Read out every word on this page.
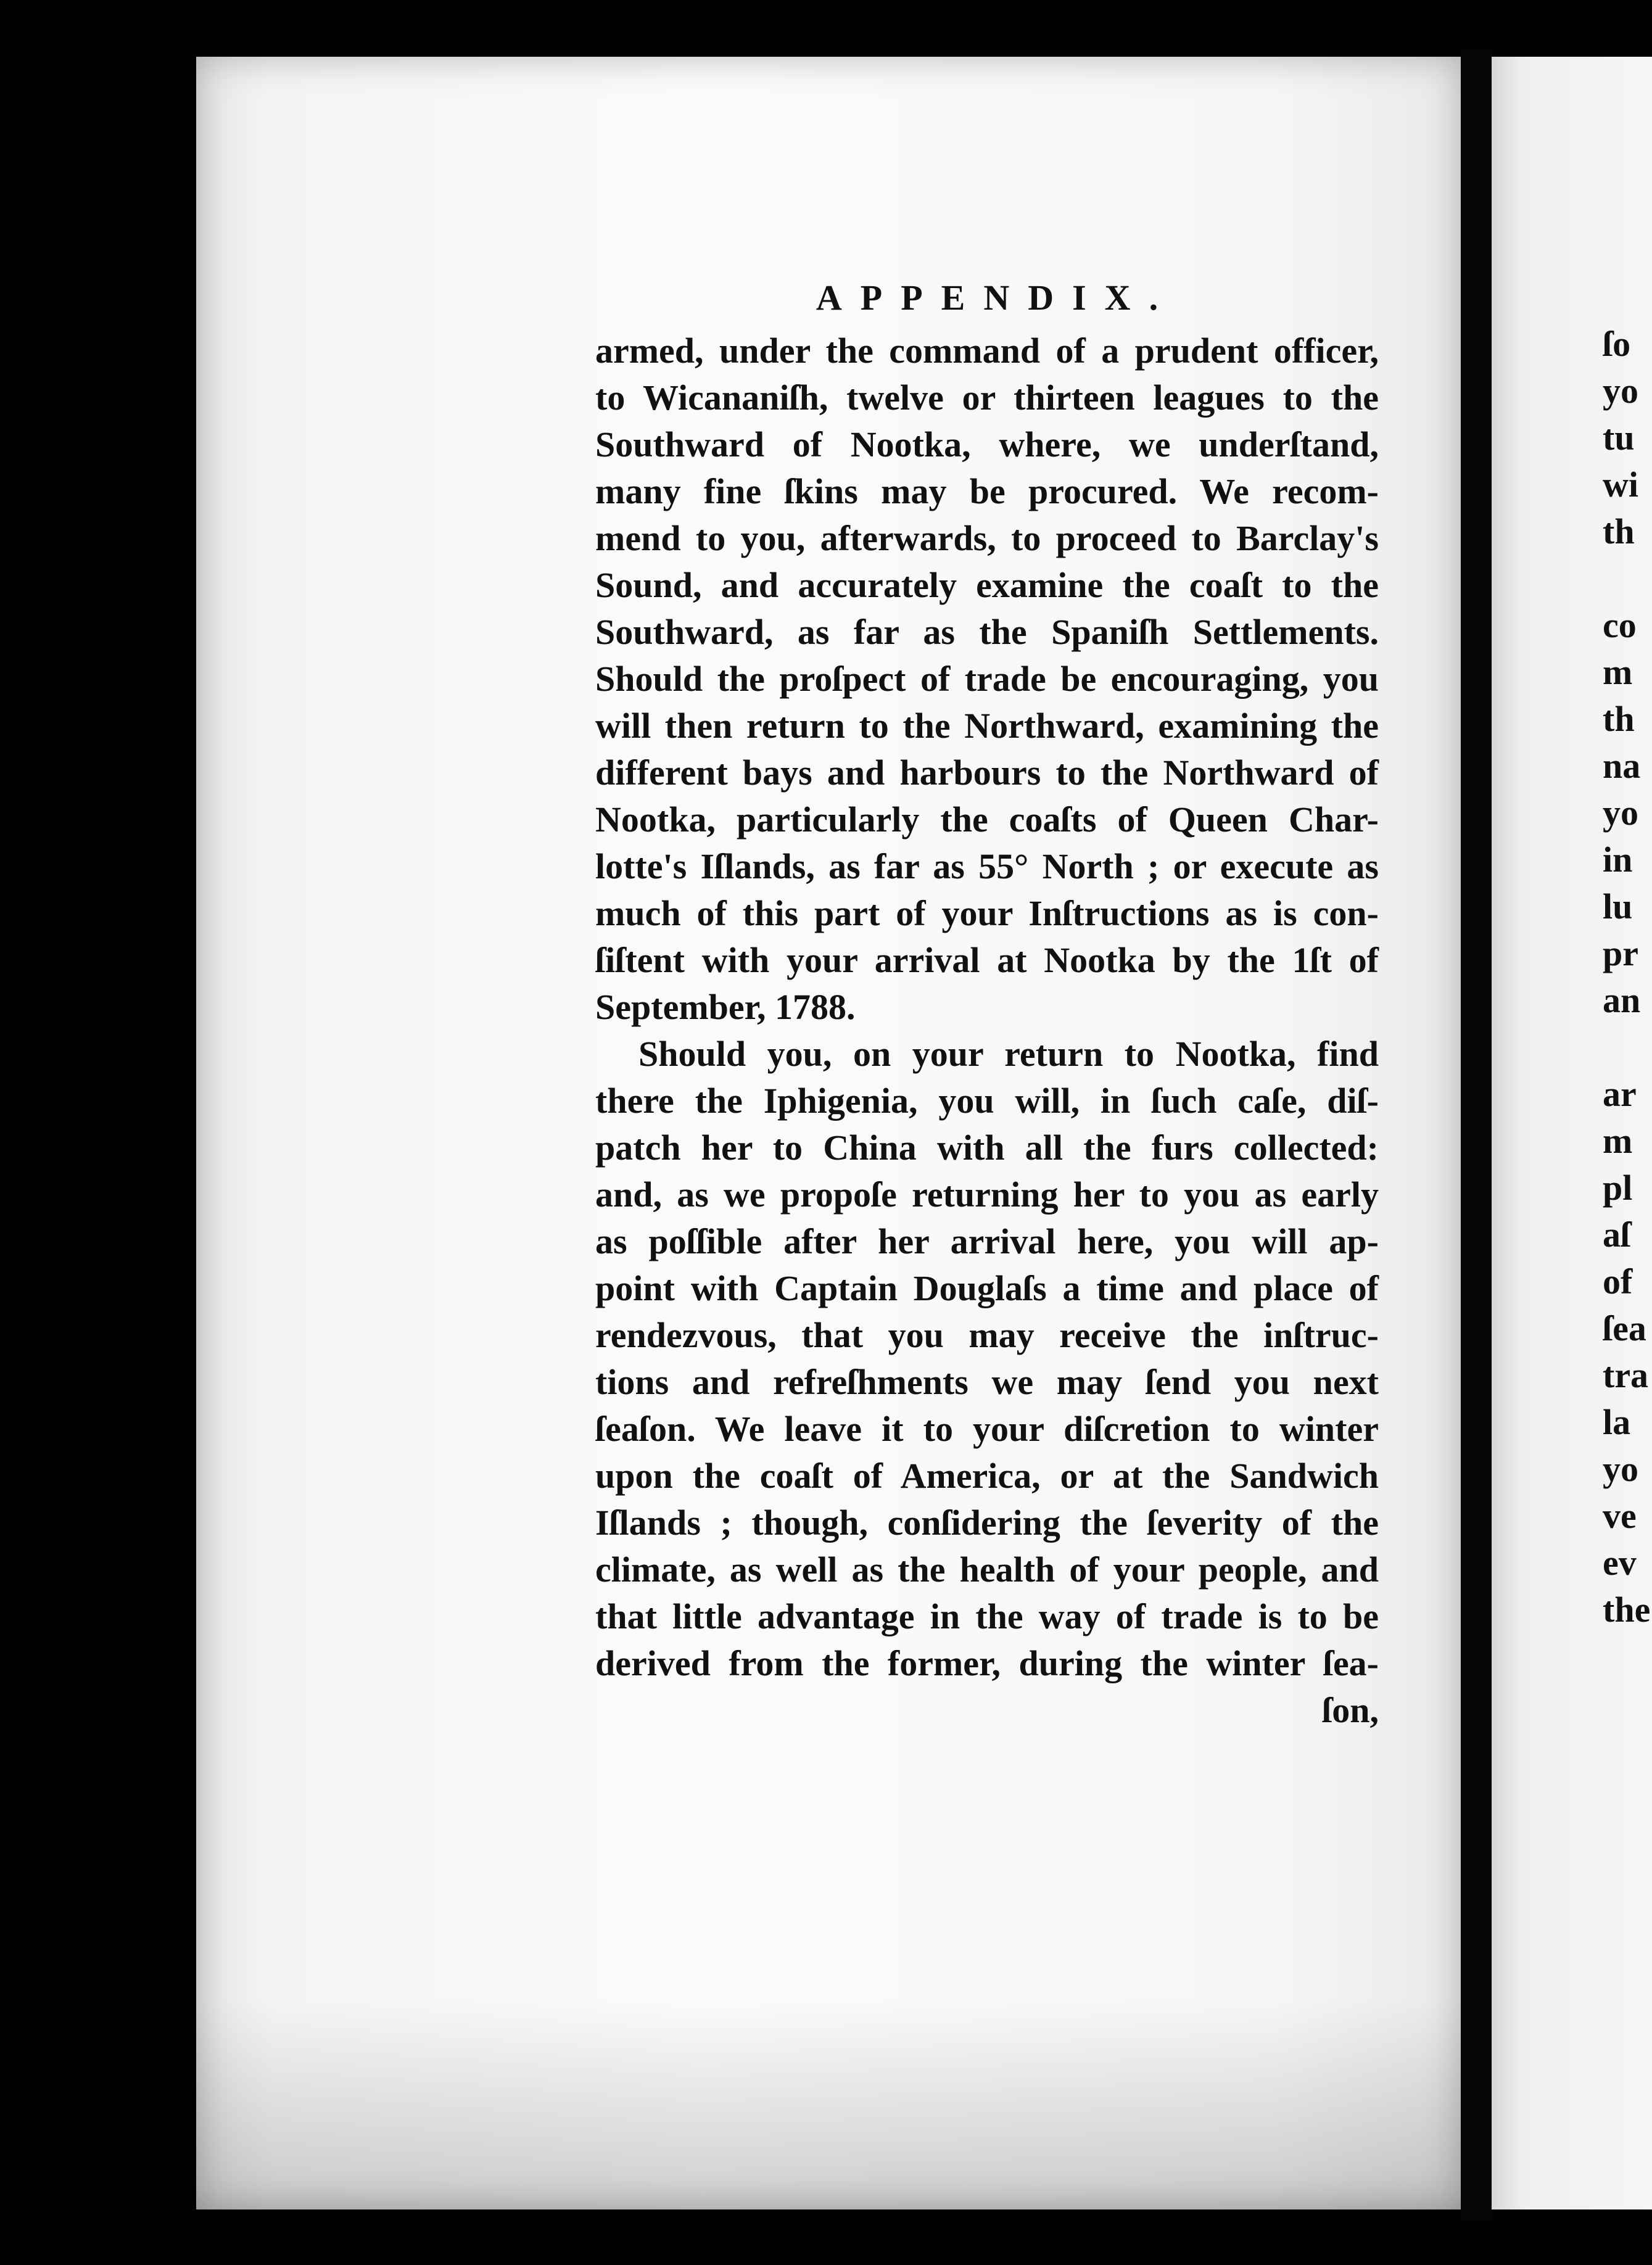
APPENDIX.
armed, under the command of a prudent officer,
to Wicananiſh, twelve or thirteen leagues to the
Southward of Nootka, where, we underſtand,
many fine ſkins may be procured. We recom-
mend to you, afterwards, to proceed to Barclay's
Sound, and accurately examine the coaſt to the
Southward, as far as the Spaniſh Settlements.
Should the proſpect of trade be encouraging, you
will then return to the Northward, examining the
different bays and harbours to the Northward of
Nootka, particularly the coaſts of Queen Char-
lotte's Iſlands, as far as 55° North ; or execute as
much of this part of your Inſtructions as is con-
ſiſtent with your arrival at Nootka by the 1ſt of
September, 1788.
Should you, on your return to Nootka, find
there the Iphigenia, you will, in ſuch caſe, diſ-
patch her to China with all the furs collected:
and, as we propoſe returning her to you as early
as poſſible after her arrival here, you will ap-
point with Captain Douglaſs a time and place of
rendezvous, that you may receive the inſtruc-
tions and refreſhments we may ſend you next
ſeaſon. We leave it to your diſcretion to winter
upon the coaſt of America, or at the Sandwich
Iſlands ; though, conſidering the ſeverity of the
climate, as well as the health of your people, and
that little advantage in the way of trade is to be
derived from the former, during the winter ſea-
ſon,
ſo
yo
tu
wi
th
co
m
th
na
yo
in
lu
pr
an
ar
m
pl
aſ
of
ſea
tra
la
yo
ve
ev
the
